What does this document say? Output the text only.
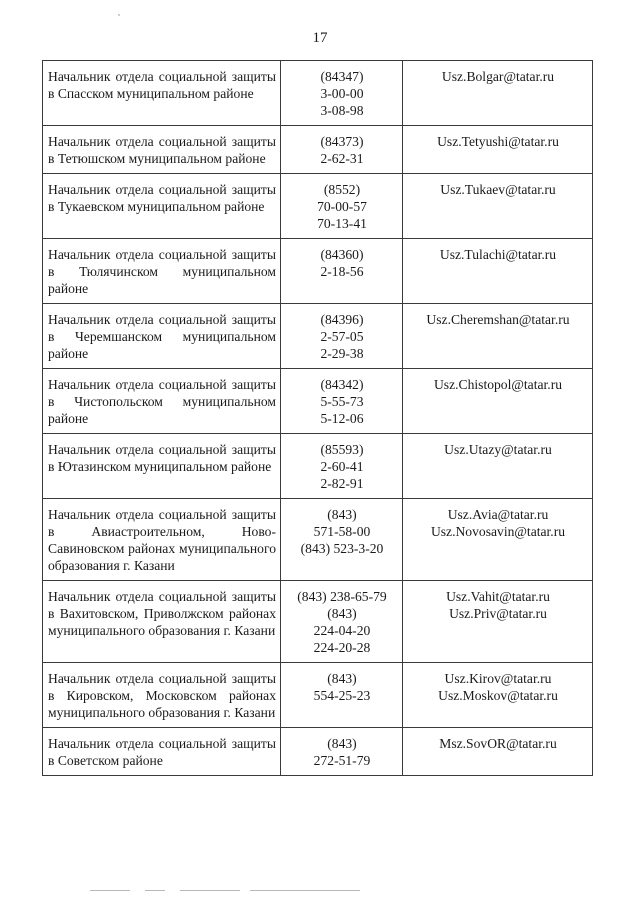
17
Начальник отдела социальной защиты в Спасском муниципальном районе	(84347)
3-00-00
3-08-98	Usz.Bolgar@tatar.ru

Начальник отдела социальной защиты в Тетюшском муниципальном районе	(84373)
2-62-31	Usz.Tetyushi@tatar.ru

Начальник отдела социальной защиты в Тукаевском муниципальном районе	(8552)
70-00-57
70-13-41	Usz.Tukaev@tatar.ru

Начальник отдела социальной защиты в Тюлячинском муниципальном районе	(84360)
2-18-56	Usz.Tulachi@tatar.ru

Начальник отдела социальной защиты в Черемшанском муниципальном районе	(84396)
2-57-05
2-29-38	Usz.Cheremshan@tatar.ru

Начальник отдела социальной защиты в Чистопольском муниципальном районе	(84342)
5-55-73
5-12-06	Usz.Chistopol@tatar.ru

Начальник отдела социальной защиты в Ютазинском муниципальном районе	(85593)
2-60-41
2-82-91	Usz.Utazy@tatar.ru

Начальник отдела социальной защиты в Авиастроительном, Ново-Савиновском районах муниципального образования г. Казани	(843)
571-58-00
(843) 523-3-20	Usz.Avia@tatar.ru
Usz.Novosavin@tatar.ru

Начальник отдела социальной защиты в Вахитовском, Приволжском районах муниципального образования г. Казани	(843) 238-65-79
(843)
224-04-20
224-20-28	Usz.Vahit@tatar.ru
Usz.Priv@tatar.ru

Начальник отдела социальной защиты в Кировском, Московском районах муниципального образования г. Казани	(843)
554-25-23	Usz.Kirov@tatar.ru
Usz.Moskov@tatar.ru

Начальник отдела социальной защиты в Советском районе	(843)
272-51-79	Msz.SovOR@tatar.ru
